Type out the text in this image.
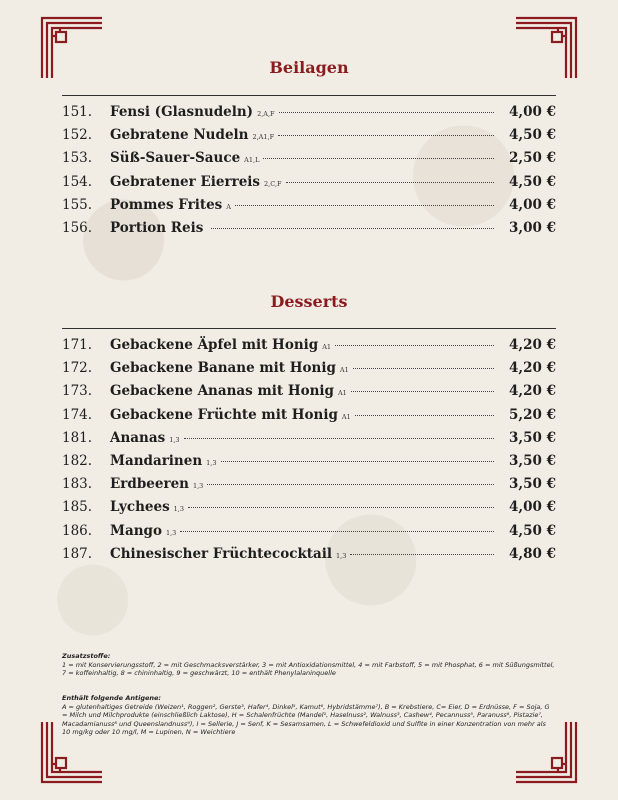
Beilagen
151.	Fensi (Glasnudeln) 2,A,F	4,00 €
152.	Gebratene Nudeln 2,A1,F	4,50 €
153.	Süß-Sauer-Sauce A1,L	2,50 €
154.	Gebratener Eierreis 2,C,F	4,50 €
155.	Pommes Frites A	4,00 €
156.	Portion Reis	3,00 €
Desserts
171.	Gebackene Äpfel mit Honig A1	4,20 €
172.	Gebackene Banane mit Honig A1	4,20 €
173.	Gebackene Ananas mit Honig A1	4,20 €
174.	Gebackene Früchte mit Honig A1	5,20 €
181.	Ananas 1,3	3,50 €
182.	Mandarinen 1,3	3,50 €
183.	Erdbeeren 1,3	3,50 €
185.	Lychees 1,3	4,00 €
186.	Mango 1,3	4,50 €
187.	Chinesischer Früchtecocktail 1,3	4,80 €
Zusatzstoffe:
1 = mit Konservierungsstoff, 2 = mit Geschmacksverstärker, 3 = mit Antioxidationsmittel, 4 = mit Farbstoff, 5 = mit Phosphat, 6 = mit Süßungsmittel, 7 = koffeinhaltig, 8 = chininhaltig, 9 = geschwärzt, 10 = enthält Phenylalaninquelle
Enthält folgende Antigene:
A = glutenhaltiges Getreide (Weizen¹, Roggen², Gerste³, Hafer⁴, Dinkel⁵, Kamut⁶, Hybridstämme⁷), B = Krebstiere, C= Eier, D = Erdnüsse, F = Soja, G = Milch und Milchprodukte (einschließlich Laktose), H = Schalenfrüchte (Mandel¹, Haselnuss², Walnuss³, Cashew⁴, Pecannuss⁵, Paranuss⁶, Pistazie⁷, Macadamianuss⁸ und Queenslandnuss⁹), I = Sellerie, J = Senf, K = Sesamsamen, L = Schwefeldioxid und Sulfite in einer Konzentration von mehr als 10 mg/kg oder 10 mg/l, M = Lupinen, N = Weichtiere
